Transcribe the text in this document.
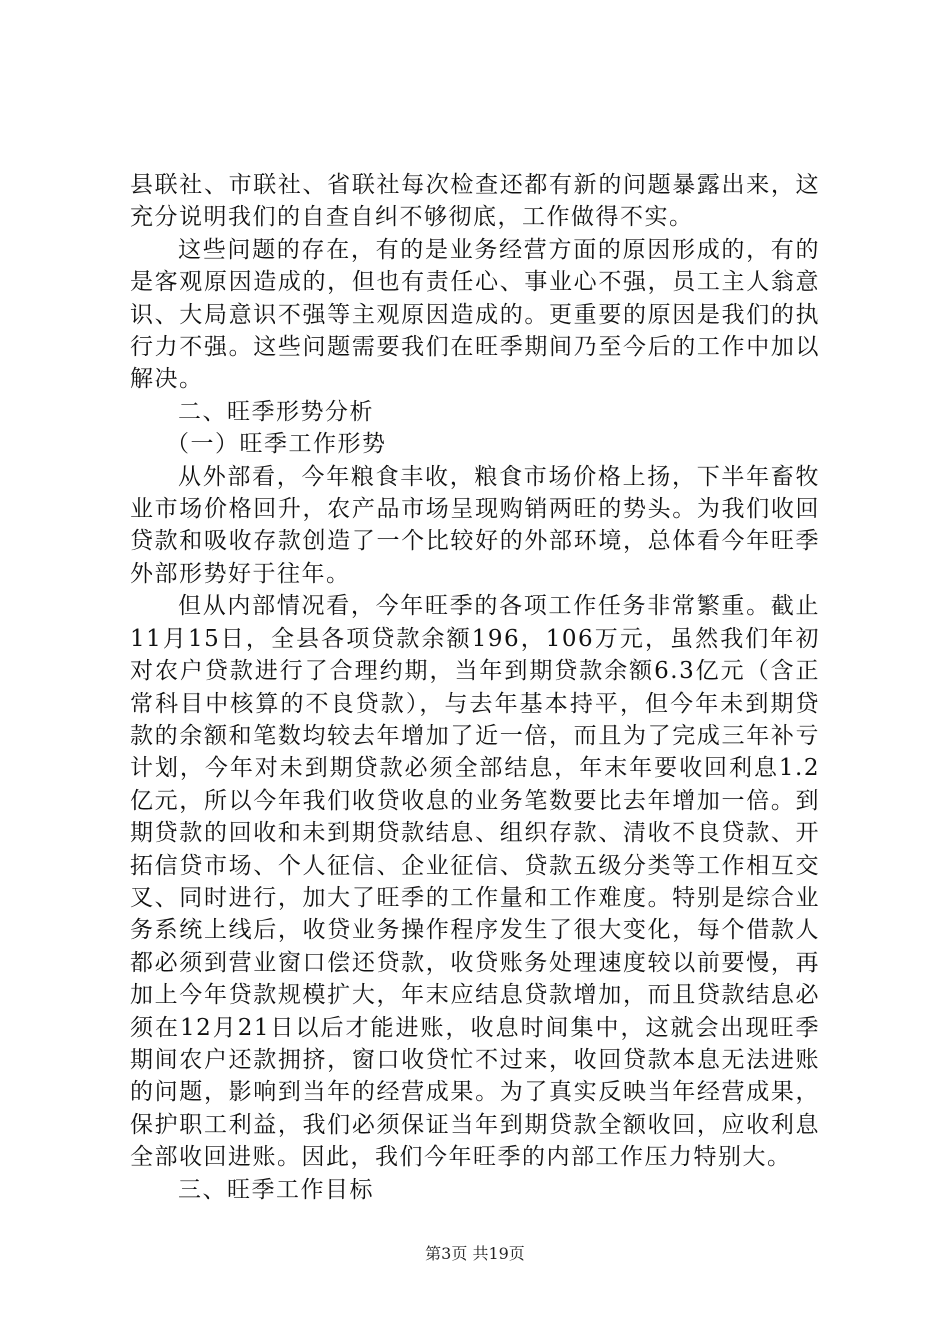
县联社、市联社、省联社每次检查还都有新的问题暴露出来，这充分说明我们的自查自纠不够彻底，工作做得不实。

这些问题的存在，有的是业务经营方面的原因形成的，有的是客观原因造成的，但也有责任心、事业心不强，员工主人翁意识、大局意识不强等主观原因造成的。更重要的原因是我们的执行力不强。这些问题需要我们在旺季期间乃至今后的工作中加以解决。

二、旺季形势分析

（一）旺季工作形势

从外部看，今年粮食丰收，粮食市场价格上扬，下半年畜牧业市场价格回升，农产品市场呈现购销两旺的势头。为我们收回贷款和吸收存款创造了一个比较好的外部环境，总体看今年旺季外部形势好于往年。

但从内部情况看，今年旺季的各项工作任务非常繁重。截止11月15日，全县各项贷款余额196，106万元，虽然我们年初对农户贷款进行了合理约期，当年到期贷款余额6.3亿元（含正常科目中核算的不良贷款），与去年基本持平，但今年未到期贷款的余额和笔数均较去年增加了近一倍，而且为了完成三年补亏计划，今年对未到期贷款必须全部结息，年末年要收回利息1.2亿元，所以今年我们收贷收息的业务笔数要比去年增加一倍。到期贷款的回收和未到期贷款结息、组织存款、清收不良贷款、开拓信贷市场、个人征信、企业征信、贷款五级分类等工作相互交叉、同时进行，加大了旺季的工作量和工作难度。特别是综合业务系统上线后，收贷业务操作程序发生了很大变化，每个借款人都必须到营业窗口偿还贷款，收贷账务处理速度较以前要慢，再加上今年贷款规模扩大，年末应结息贷款增加，而且贷款结息必须在12月21日以后才能进账，收息时间集中，这就会出现旺季期间农户还款拥挤，窗口收贷忙不过来，收回贷款本息无法进账的问题，影响到当年的经营成果。为了真实反映当年经营成果，保护职工利益，我们必须保证当年到期贷款全额收回，应收利息全部收回进账。因此，我们今年旺季的内部工作压力特别大。

三、旺季工作目标

第3页 共19页
